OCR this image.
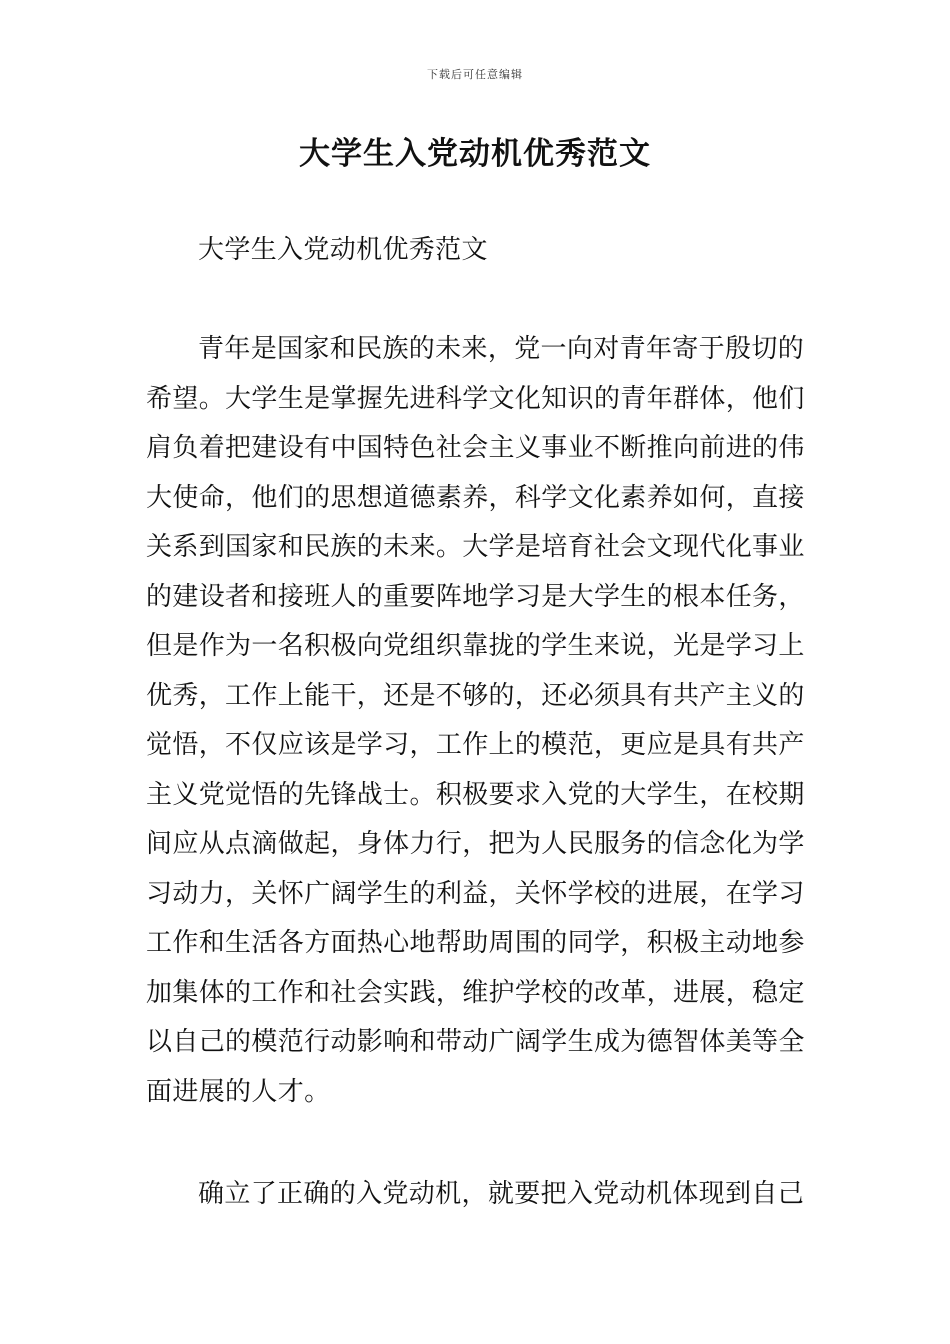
下载后可任意编辑
大学生入党动机优秀范文

大学生入党动机优秀范文

青年是国家和民族的未来，党一向对青年寄于殷切的
希望。大学生是掌握先进科学文化知识的青年群体，他们
肩负着把建设有中国特色社会主义事业不断推向前进的伟
大使命，他们的思想道德素养，科学文化素养如何，直接
关系到国家和民族的未来。大学是培育社会文现代化事业
的建设者和接班人的重要阵地学习是大学生的根本任务，
但是作为一名积极向党组织靠拢的学生来说，光是学习上
优秀，工作上能干，还是不够的，还必须具有共产主义的
觉悟，不仅应该是学习，工作上的模范，更应是具有共产
主义党觉悟的先锋战士。积极要求入党的大学生，在校期
间应从点滴做起，身体力行，把为人民服务的信念化为学
习动力，关怀广阔学生的利益，关怀学校的进展，在学习
工作和生活各方面热心地帮助周围的同学，积极主动地参
加集体的工作和社会实践，维护学校的改革，进展，稳定
以自己的模范行动影响和带动广阔学生成为德智体美等全
面进展的人才。

确立了正确的入党动机，就要把入党动机体现到自己
